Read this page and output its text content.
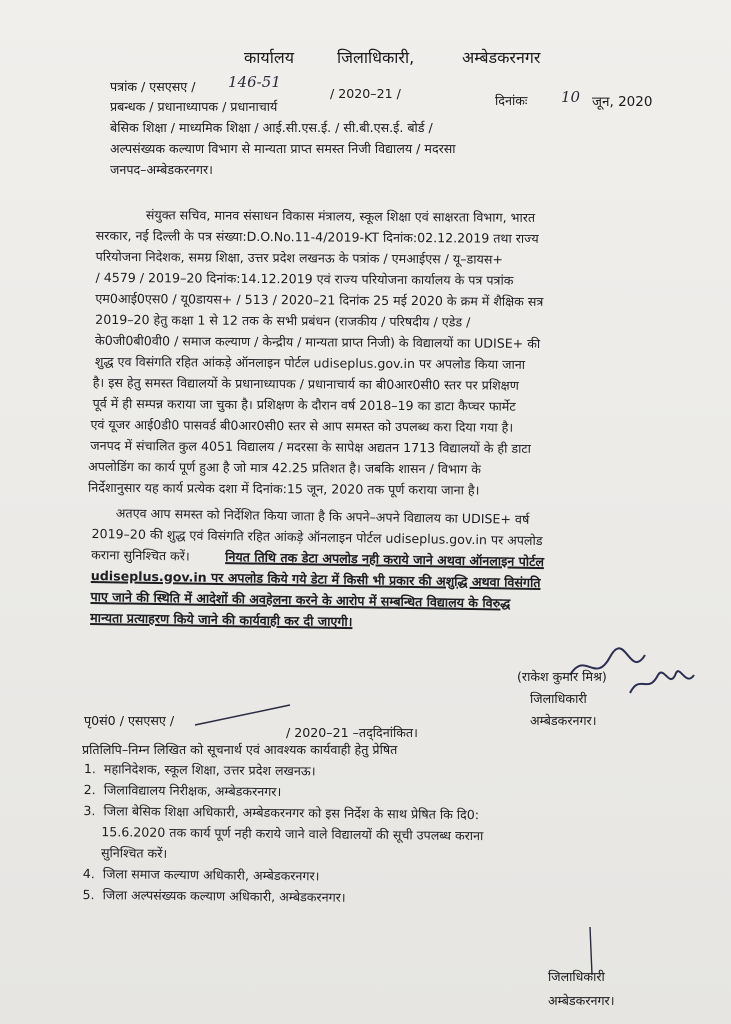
कार्यालय	जिलाधिकारी,	अम्बेडकरनगर
पत्रांक / एसएसए / 146-51
/ 2020–21 /	दिनांकः 10 जून, 2020
प्रबन्धक / प्रधानाध्यापक / प्रधानाचार्य
बेसिक शिक्षा / माध्यमिक शिक्षा / आई.सी.एस.ई. / सी.बी.एस.ई. बोर्ड /
अल्पसंख्यक कल्याण विभाग से मान्यता प्राप्त समस्त निजी विद्यालय / मदरसा
जनपद–अम्बेडकरनगर।
संयुक्त सचिव, मानव संसाधन विकास मंत्रालय, स्कूल शिक्षा एवं साक्षरता विभाग, भारत
सरकार, नई दिल्ली के पत्र संख्या:D.O.No.11-4/2019-KT दिनांक:02.12.2019 तथा राज्य
परियोजना निदेशक, समग्र शिक्षा, उत्तर प्रदेश लखनऊ के पत्रांक / एमआईएस / यू–डायस+
/ 4579 / 2019–20 दिनांक:14.12.2019 एवं राज्य परियोजना कार्यालय के पत्र पत्रांक
एम0आई0एस0 / यू0डायस+ / 513 / 2020–21 दिनांक 25 मई 2020 के क्रम में शैक्षिक सत्र
2019–20 हेतु कक्षा 1 से 12 तक के सभी प्रबंधन (राजकीय / परिषदीय / एडेड /
के0जी0बी0वी0 / समाज कल्याण / केन्द्रीय / मान्यता प्राप्त निजी) के विद्यालयों का UDISE+ की
शुद्ध एव विसंगति रहित आंकड़े ऑनलाइन पोर्टल udiseplus.gov.in पर अपलोड किया जाना
है। इस हेतु समस्त विद्यालयों के प्रधानाध्यापक / प्रधानाचार्य का बी0आर0सी0 स्तर पर प्रशिक्षण
पूर्व में ही सम्पन्न कराया जा चुका है। प्रशिक्षण के दौरान वर्ष 2018–19 का डाटा कैप्चर फार्मेट
एवं यूजर आई0डी0 पासवर्ड बी0आर0सी0 स्तर से आप समस्त को उपलब्ध करा दिया गया है।
जनपद में संचालित कुल 4051 विद्यालय / मदरसा के सापेक्ष अद्यतन 1713 विद्यालयों के ही डाटा
अपलोडिंग का कार्य पूर्ण हुआ है जो मात्र 42.25 प्रतिशत है। जबकि शासन / विभाग के
निर्देशानुसार यह कार्य प्रत्येक दशा में दिनांक:15 जून, 2020 तक पूर्ण कराया जाना है।
अतएव आप समस्त को निर्देशित किया जाता है कि अपने–अपने विद्यालय का UDISE+ वर्ष
2019–20 की शुद्ध एवं विसंगति रहित आंकड़े ऑनलाइन पोर्टल udiseplus.gov.in पर अपलोड
कराना सुनिश्चित करें।	नियत तिथि तक डेटा अपलोड नही कराये जाने अथवा ऑनलाइन पोर्टल
udiseplus.gov.in पर अपलोड किये गये डेटा में किसी भी प्रकार की अशुद्धि अथवा विसंगति
पाए जाने की स्थिति में आदेशों की अवहेलना करने के आरोप में सम्बन्धित विद्यालय के विरुद्ध
मान्यता प्रत्याहरण किये जाने की कार्यवाही कर दी जाएगी।
(राकेश कुमार मिश्र)
जिलाधिकारी
अम्बेडकरनगर।
पृ0सं0 / एसएसए /
/ 2020–21 –तद्‌दिनांकित।
प्रतिलिपि–निम्न लिखित को सूचनार्थ एवं आवश्यक कार्यवाही हेतु प्रेषित
1. महानिदेशक, स्कूल शिक्षा, उत्तर प्रदेश लखनऊ।
2. जिलाविद्यालय निरीक्षक, अम्बेडकरनगर।
3. जिला बेसिक शिक्षा अधिकारी, अम्बेडकरनगर को इस निर्देश के साथ प्रेषित कि दि0:
15.6.2020 तक कार्य पूर्ण नही कराये जाने वाले विद्यालयों की सूची उपलब्ध कराना
सुनिश्चित करें।
4. जिला समाज कल्याण अधिकारी, अम्बेडकरनगर।
5. जिला अल्पसंख्यक कल्याण अधिकारी, अम्बेडकरनगर।
जिलाधिकारी
अम्बेडकरनगर।
